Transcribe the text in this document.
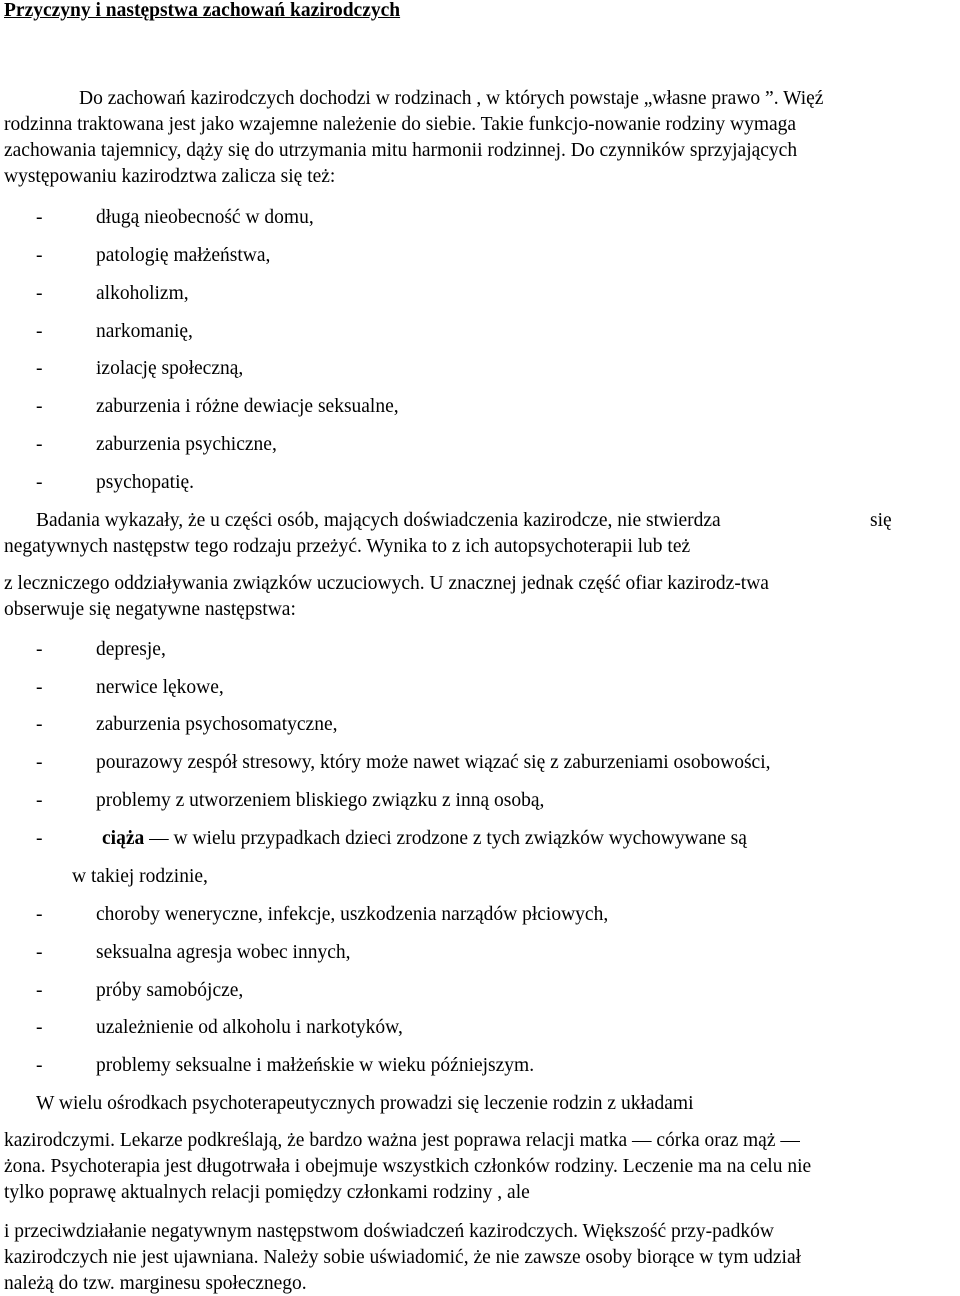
Przyczyny i następstwa zachowań kazirodczych
Do zachowań kazirodczych dochodzi w rodzinach , w których powstaje „własne prawo ”. Więź
rodzinna traktowana jest jako wzajemne należenie do siebie. Takie funkcjo-nowanie rodziny wymaga
zachowania tajemnicy, dąży się do utrzymania mitu harmonii rodzinnej. Do czynników sprzyjających
występowaniu kazirodztwa zalicza się też:
-	długą nieobecność w domu,
-	patologię małżeństwa,
-	alkoholizm,
-	narkomanię,
-	izolację społeczną,
-	zaburzenia i różne dewiacje seksualne,
-	zaburzenia psychiczne,
-	psychopatię.
Badania wykazały, że u części osób, mających doświadczenia kazirodcze, nie stwierdza	się
negatywnych następstw tego rodzaju przeżyć. Wynika to z ich autopsychoterapii lub też
z leczniczego oddziaływania związków uczuciowych. U znacznej jednak część ofiar kazirodz-twa
obserwuje się negatywne następstwa:
-	depresje,
-	nerwice lękowe,
-	zaburzenia psychosomatyczne,
-	pourazowy zespół stresowy, który może nawet wiązać się z zaburzeniami osobowości,
-	problemy z utworzeniem bliskiego związku z inną osobą,
-	ciąża — w wielu przypadkach dzieci zrodzone z tych związków wychowywane są
w takiej rodzinie,
-	choroby weneryczne, infekcje, uszkodzenia narządów płciowych,
-	seksualna agresja wobec innych,
-	próby samobójcze,
-	uzależnienie od alkoholu i narkotyków,
-	problemy seksualne i małżeńskie w wieku późniejszym.
W wielu ośrodkach psychoterapeutycznych prowadzi się leczenie rodzin z układami
kazirodczymi. Lekarze podkreślają, że bardzo ważna jest poprawa relacji matka — córka oraz mąż —
żona. Psychoterapia jest długotrwała i obejmuje wszystkich członków rodziny. Leczenie ma na celu nie
tylko poprawę aktualnych relacji pomiędzy członkami rodziny , ale
i przeciwdziałanie negatywnym następstwom doświadczeń kazirodczych. Większość przy-padków
kazirodczych nie jest ujawniana. Należy sobie uświadomić, że nie zawsze osoby biorące w tym udział
należą do tzw. marginesu społecznego.
